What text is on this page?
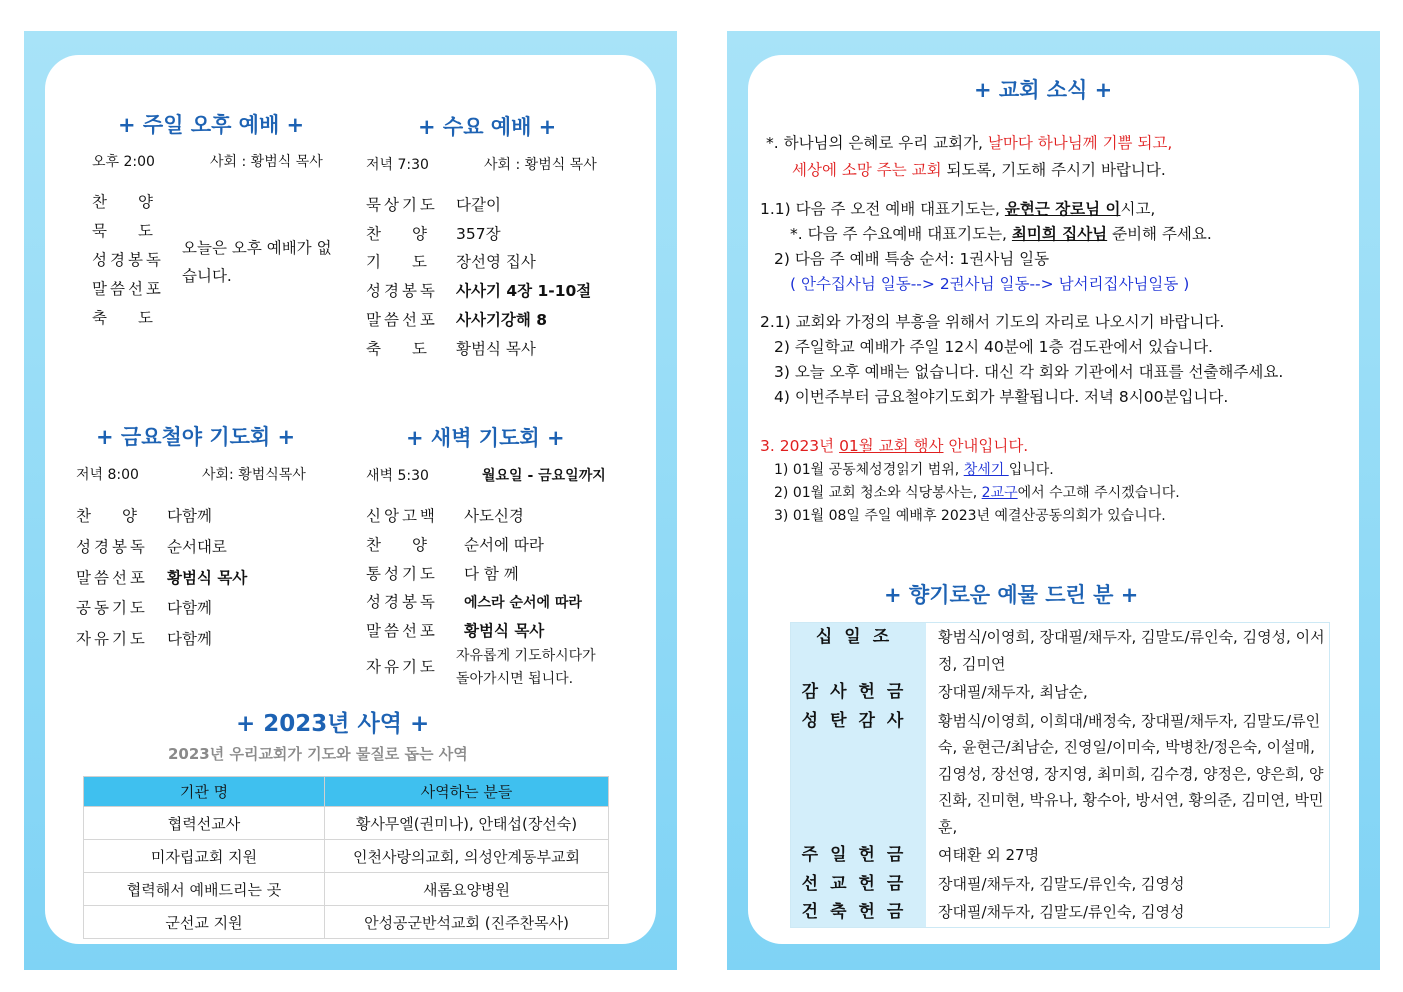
+ 주일 오후 예배 +
오후 2:00	사회 : 황범식 목사
찬　　양
묵　　도
성경봉독
말씀선포
축　　도
오늘은 오후 예배가 없습니다.
+ 수요 예배 +
저녁 7:30	사회 : 황범식 목사
묵상기도 다같이
찬　　양 357장
기　　도 장선영 집사
성경봉독 사사기 4장 1-10절
말씀선포 사사기강해 8
축　　도 황범식 목사
+ 금요철야 기도회 +
저녁 8:00	사회: 황범식목사
찬　　양 다함께
성경봉독 순서대로
말씀선포 황범식 목사
공동기도 다함께
자유기도 다함께
+ 새벽 기도회 +
새벽 5:30	월요일 - 금요일까지
신앙고백 사도신경
찬　　양 순서에 따라
통성기도 다 함 께
성경봉독 에스라 순서에 따라
말씀선포 황범식 목사
자유기도
자유롭게 기도하시다가
돌아가시면 됩니다.
+ 2023년 사역 +
2023년 우리교회가 기도와 물질로 돕는 사역
기관 명	사역하는 분들
협력선교사	황사무엘(권미나), 안태섭(장선숙)
미자립교회 지원	인천사랑의교회, 의성안계동부교회
협력해서 예배드리는 곳	새롬요양병원
군선교 지원	안성공군반석교회 (진주찬목사)
+ 교회 소식 +
*. 하나님의 은혜로 우리 교회가, 날마다 하나님께 기쁨 되고,
세상에 소망 주는 교회 되도록, 기도해 주시기 바랍니다.
1.1) 다음 주 오전 예배 대표기도는, 윤현근 장로님 이시고,
*. 다음 주 수요예배 대표기도는, 최미희 집사님 준비해 주세요.
2) 다음 주 예배 특송 순서: 1권사님 일동
( 안수집사님 일동--> 2권사님 일동--> 남서리집사님일동 )
2.1) 교회와 가정의 부흥을 위해서 기도의 자리로 나오시기 바랍니다.
2) 주일학교 예배가 주일 12시 40분에 1층 검도관에서 있습니다.
3) 오늘 오후 예배는 없습니다. 대신 각 회와 기관에서 대표를 선출해주세요.
4) 이번주부터 금요철야기도회가 부활됩니다. 저녁 8시00분입니다.
3. 2023년 01월 교회 행사 안내입니다.
1) 01월 공동체성경읽기 범위, 창세기 입니다.
2) 01월 교회 청소와 식당봉사는, 2교구에서 수고해 주시겠습니다.
3) 01월 08일 주일 예배후 2023년 예결산공동의회가 있습니다.
+ 향기로운 예물 드린 분 +
십일조	황범식/이영희, 장대필/채두자, 김말도/류인숙, 김영성, 이서정, 김미연
감사헌금	장대필/채두자, 최남순,
성탄감사	황범식/이영희, 이희대/배정숙, 장대필/채두자, 김말도/류인숙, 윤현근/최남순, 진영일/이미숙, 박병찬/정은숙, 이설매, 김영성, 장선영, 장지영, 최미희, 김수경, 양정은, 양은희, 양진화, 진미현, 박유나, 황수아, 방서연, 황의준, 김미연, 박민훈,
주일헌금	여태환 외 27명
선교헌금	장대필/채두자, 김말도/류인숙, 김영성
건축헌금	장대필/채두자, 김말도/류인숙, 김영성
